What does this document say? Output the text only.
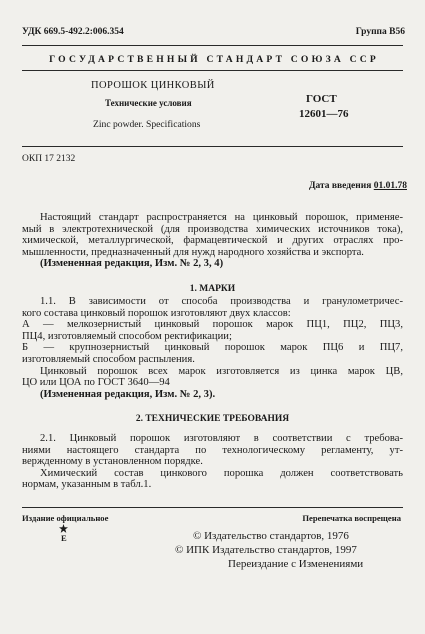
УДК 669.5-492.2:006.354	Группа В56
ГОСУДАРСТВЕННЫЙ СТАНДАРТ СОЮЗА ССР
ПОРОШОК ЦИНКОВЫЙ
Технические условия
Zinc powder. Specifications
ГОСТ
12601—76
ОКП 17 2132
Дата введения 01.01.78
Настоящий стандарт распространяется на цинковый порошок, применяе-
мый в электротехнической (для производства химических источников тока),
химической, металлургической, фармацевтической и других отраслях про-
мышленности, предназначенный для нужд народного хозяйства и экспорта.
(Измененная редакция, Изм. № 2, 3, 4)
1. МАРКИ
1.1. В зависимости от способа производства и гранулометричес-
кого состава цинковый порошок изготовляют двух классов:
А — мелкозернистый цинковый порошок марок ПЦ1, ПЦ2, ПЦ3,
ПЦ4, изготовляемый способом ректификации;
Б — крупнозернистый цинковый порошок марок ПЦ6 и ПЦ7,
изготовляемый способом распыления.
Цинковый порошок всех марок изготовляется из цинка марок ЦВ,
ЦО или ЦОА по ГОСТ 3640—94
(Измененная редакция, Изм. № 2, 3).
2. ТЕХНИЧЕСКИЕ ТРЕБОВАНИЯ
2.1. Цинковый порошок изготовляют в соответствии с требова-
ниями настоящего стандарта по технологическому регламенту, ут-
вержденному в установленном порядке.
Химический состав цинкового порошка должен соответствовать
нормам, указанным в табл.1.
Издание официальное
E
Перепечатка воспрещена
© Издательство стандартов, 1976
© ИПК Издательство стандартов, 1997
Переиздание с Изменениями
